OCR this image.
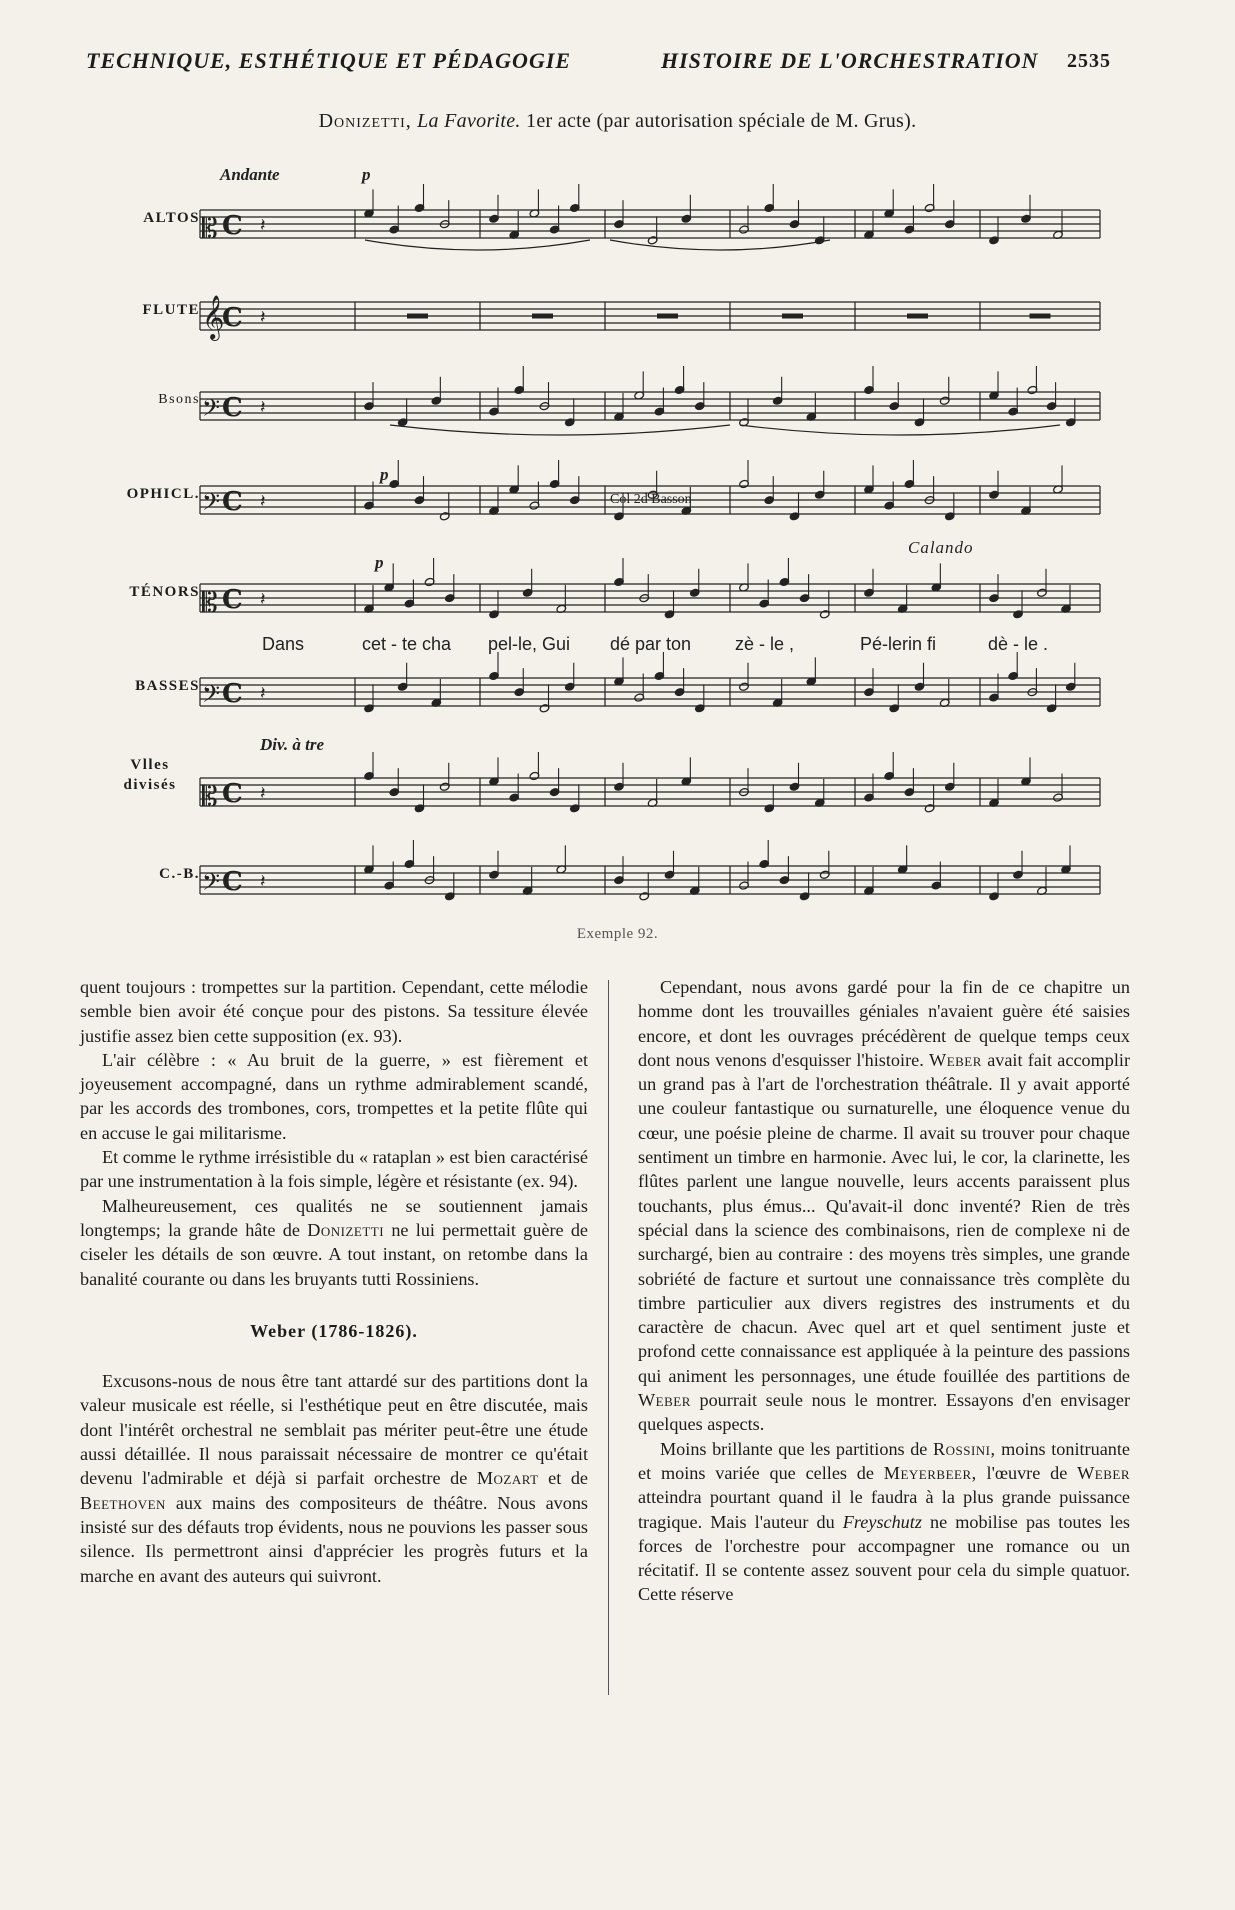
TECHNIQUE, ESTHÉTIQUE ET PÉDAGOGIE	HISTOIRE DE L'ORCHESTRATION 2535
Donizetti, La Favorite. 1er acte (par autorisation spéciale de M. Grus).
C
𝄡 𝄽
C
𝄞 𝄽
C
𝄢 𝄽
C
𝄢 𝄽
C
𝄡 𝄽
C
𝄢 𝄽
C
𝄡 𝄽
C
𝄢 𝄽
Andante	p
p
p
Calando
Div. à tre
Col 2d Basson
Dans	cet - te cha pel-le, Gui dé par ton zè - le ,	Pé-lerin fi	dè - le .
ALTOS
FLUTE
Bsons
OPHICL.
TÉNORS
BASSES
Vlles divisés
C.-B.
Exemple 92.

quent toujours : trompettes sur la partition. Cependant, cette mélodie semble bien avoir été conçue pour des pistons. Sa tessiture élevée justifie assez bien cette supposition (ex. 93).

L'air célèbre : « Au bruit de la guerre, » est fièrement et joyeusement accompagné, dans un rythme admirablement scandé, par les accords des trombones, cors, trompettes et la petite flûte qui en accuse le gai militarisme.

Et comme le rythme irrésistible du « rataplan » est bien caractérisé par une instrumentation à la fois simple, légère et résistante (ex. 94).

Malheureusement, ces qualités ne se soutiennent jamais longtemps; la grande hâte de Donizetti ne lui permettait guère de ciseler les détails de son œuvre. A tout instant, on retombe dans la banalité courante ou dans les bruyants tutti Rossiniens.

Weber (1786-1826).

Excusons-nous de nous être tant attardé sur des partitions dont la valeur musicale est réelle, si l'esthétique peut en être discutée, mais dont l'intérêt orchestral ne semblait pas mériter peut-être une étude aussi détaillée. Il nous paraissait nécessaire de montrer ce qu'était devenu l'admirable et déjà si parfait orchestre de Mozart et de Beethoven aux mains des compositeurs de théâtre. Nous avons insisté sur des défauts trop évidents, nous ne pouvions les passer sous silence. Ils permettront ainsi d'apprécier les progrès futurs et la marche en avant des auteurs qui suivront.

Cependant, nous avons gardé pour la fin de ce chapitre un homme dont les trouvailles géniales n'avaient guère été saisies encore, et dont les ouvrages précédèrent de quelque temps ceux dont nous venons d'esquisser l'histoire. Weber avait fait accomplir un grand pas à l'art de l'orchestration théâtrale. Il y avait apporté une couleur fantastique ou surnaturelle, une éloquence venue du cœur, une poésie pleine de charme. Il avait su trouver pour chaque sentiment un timbre en harmonie. Avec lui, le cor, la clarinette, les flûtes parlent une langue nouvelle, leurs accents paraissent plus touchants, plus émus... Qu'avait-il donc inventé? Rien de très spécial dans la science des combinaisons, rien de complexe ni de surchargé, bien au contraire : des moyens très simples, une grande sobriété de facture et surtout une connaissance très complète du timbre particulier aux divers registres des instruments et du caractère de chacun. Avec quel art et quel sentiment juste et profond cette connaissance est appliquée à la peinture des passions qui animent les personnages, une étude fouillée des partitions de Weber pourrait seule nous le montrer. Essayons d'en envisager quelques aspects.

Moins brillante que les partitions de Rossini, moins tonitruante et moins variée que celles de Meyerbeer, l'œuvre de Weber atteindra pourtant quand il le faudra à la plus grande puissance tragique. Mais l'auteur du Freyschutz ne mobilise pas toutes les forces de l'orchestre pour accompagner une romance ou un récitatif. Il se contente assez souvent pour cela du simple quatuor. Cette réserve
